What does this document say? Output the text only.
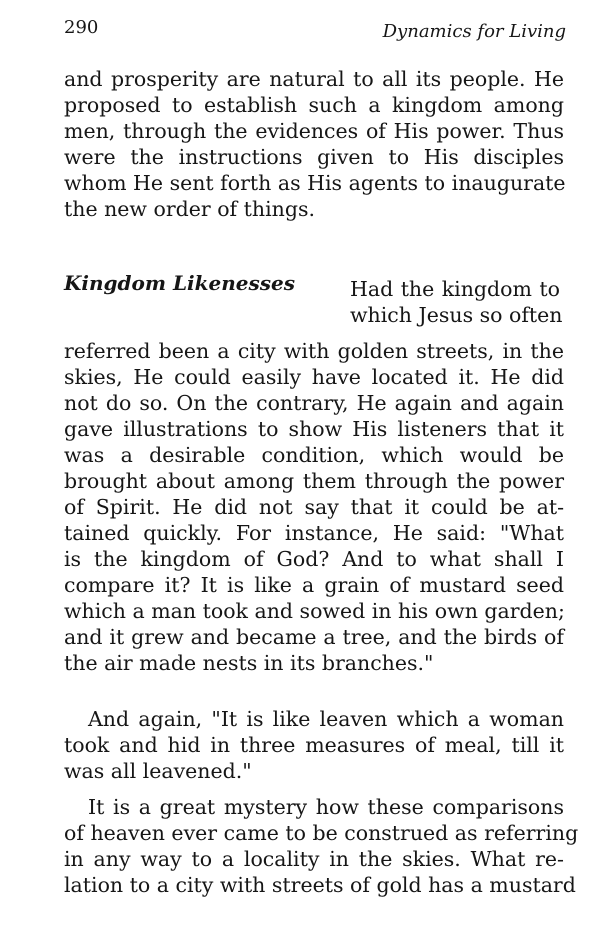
290	Dynamics for Living
and prosperity are natural to all its people. He
proposed to establish such a kingdom among
men, through the evidences of His power. Thus
were the instructions given to His disciples
whom He sent forth as His agents to inaugurate
the new order of things.
Kingdom Likenesses	Had the kingdom to
which Jesus so often
referred been a city with golden streets, in the
skies, He could easily have located it. He did
not do so. On the contrary, He again and again
gave illustrations to show His listeners that it
was a desirable condition, which would be
brought about among them through the power
of Spirit. He did not say that it could be at-
tained quickly. For instance, He said: "What
is the kingdom of God? And to what shall I
compare it? It is like a grain of mustard seed
which a man took and sowed in his own garden;
and it grew and became a tree, and the birds of
the air made nests in its branches."
And again, "It is like leaven which a woman
took and hid in three measures of meal, till it
was all leavened."
It is a great mystery how these comparisons
of heaven ever came to be construed as referring
in any way to a locality in the skies. What re-
lation to a city with streets of gold has a mustard
